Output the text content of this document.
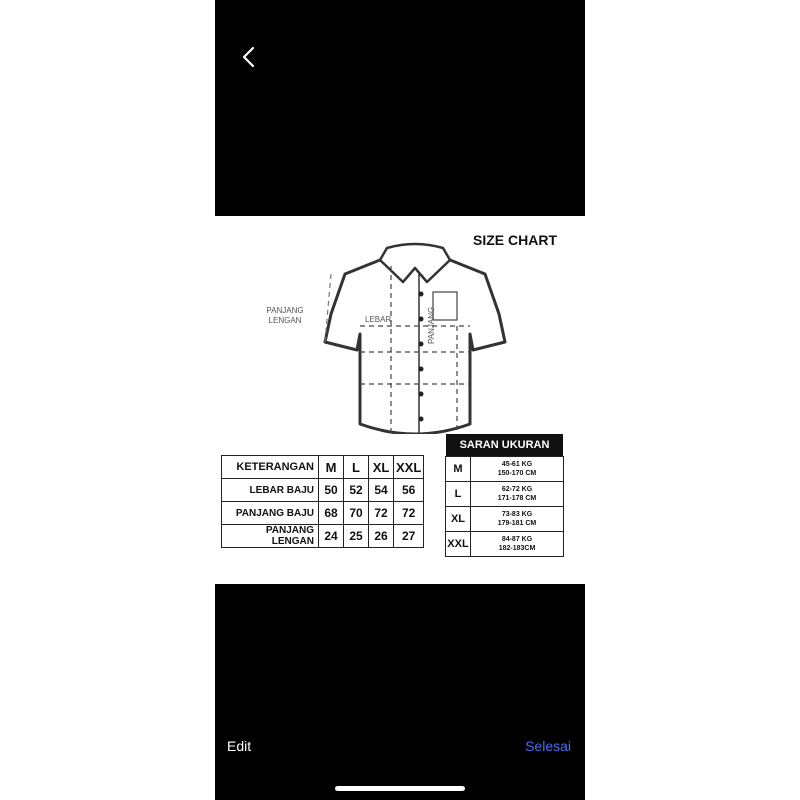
SIZE CHART
PANJANG
LENGAN	LEBAR	PANJANG
KETERANGAN	M	L	XL	XXL
LEBAR BAJU	50	52	54	56
PANJANG BAJU	68	70	72	72
PANJANG LENGAN	24	25	26	27
SARAN UKURAN
M	45-61 KG
150-170 CM

L	62-72 KG
171-178 CM

XL	73-83 KG
179-181 CM

XXL	84-87 KG
182-183CM
Edit	Selesai
